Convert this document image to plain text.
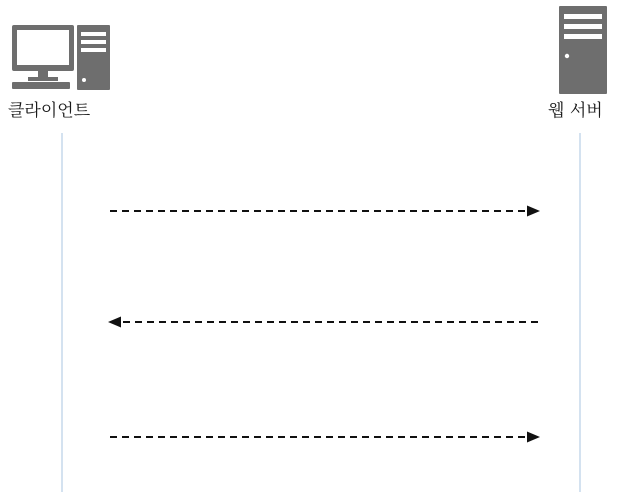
클라이언트	웹 서버
